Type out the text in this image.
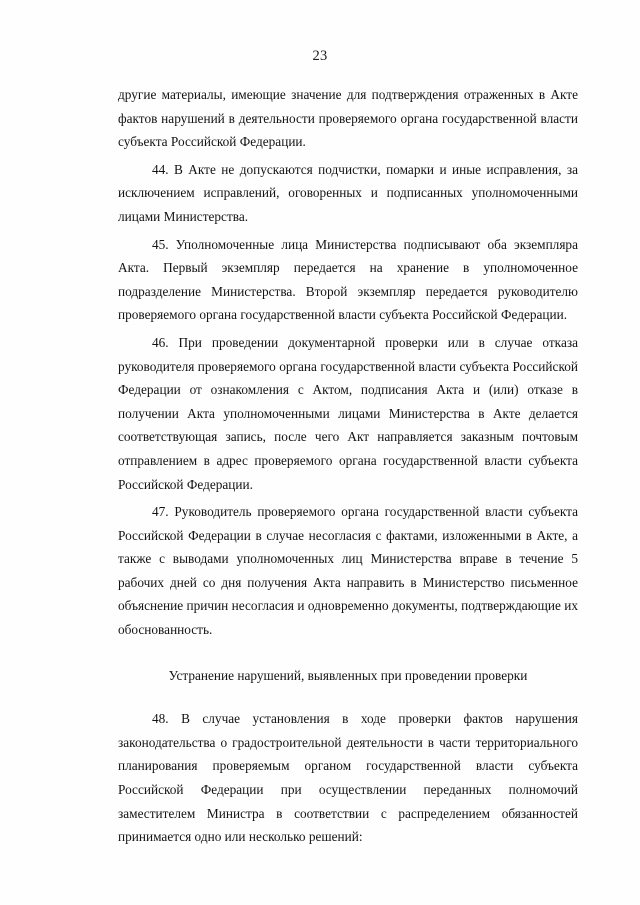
23

другие материалы, имеющие значение для подтверждения отраженных в Акте фактов нарушений в деятельности проверяемого органа государственной власти субъекта Российской Федерации.

44. В Акте не допускаются подчистки, помарки и иные исправления, за исключением исправлений, оговоренных и подписанных уполномоченными лицами Министерства.

45. Уполномоченные лица Министерства подписывают оба экземпляра Акта. Первый экземпляр передается на хранение в уполномоченное подразделение Министерства. Второй экземпляр передается руководителю проверяемого органа государственной власти субъекта Российской Федерации.

46. При проведении документарной проверки или в случае отказа руководителя проверяемого органа государственной власти субъекта Российской Федерации от ознакомления с Актом, подписания Акта и (или) отказе в получении Акта уполномоченными лицами Министерства в Акте делается соответствующая запись, после чего Акт направляется заказным почтовым отправлением в адрес проверяемого органа государственной власти субъекта Российской Федерации.

47. Руководитель проверяемого органа государственной власти субъекта Российской Федерации в случае несогласия с фактами, изложенными в Акте, а также с выводами уполномоченных лиц Министерства вправе в течение 5 рабочих дней со дня получения Акта направить в Министерство письменное объяснение причин несогласия и одновременно документы, подтверждающие их обоснованность.

Устранение нарушений, выявленных при проведении проверки

48. В случае установления в ходе проверки фактов нарушения законодательства о градостроительной деятельности в части территориального планирования проверяемым органом государственной власти субъекта Российской Федерации при осуществлении переданных полномочий заместителем Министра в соответствии с распределением обязанностей принимается одно или несколько решений:
